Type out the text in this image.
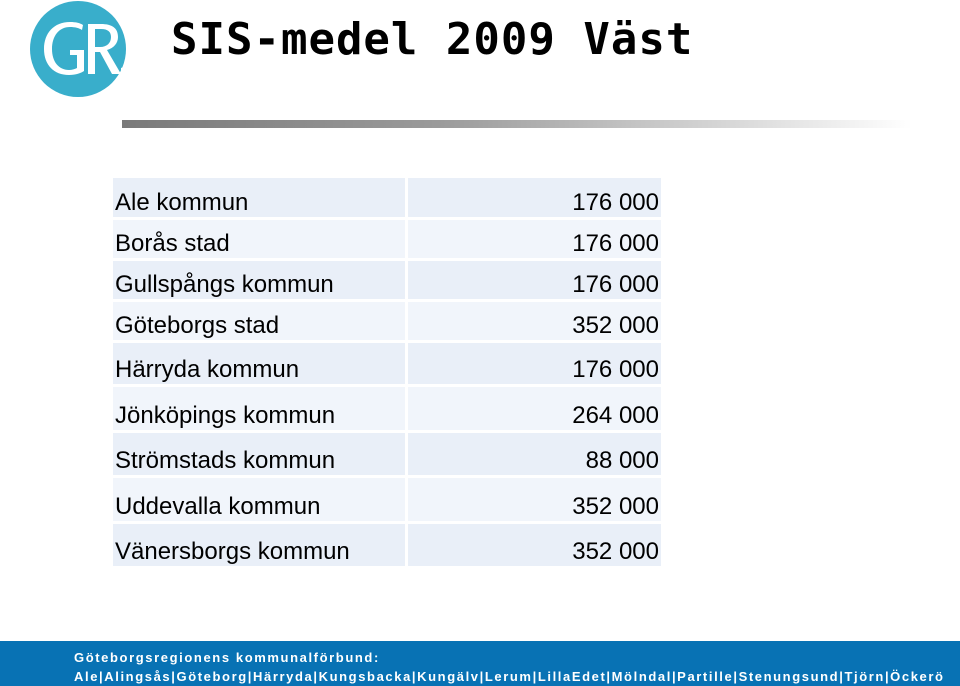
SIS-medel 2009 Väst
Ale kommun	176 000
Borås stad	176 000
Gullspångs kommun	176 000
Göteborgs stad	352 000
Härryda kommun	176 000
Jönköpings kommun	264 000
Strömstads kommun	88 000
Uddevalla kommun	352 000
Vänersborgs kommun	352 000
Göteborgsregionens kommunalförbund:
Ale|Alingsås|Göteborg|Härryda|Kungsbacka|Kungälv|Lerum|LillaEdet|Mölndal|Partille|Stenungsund|Tjörn|Öckerö
